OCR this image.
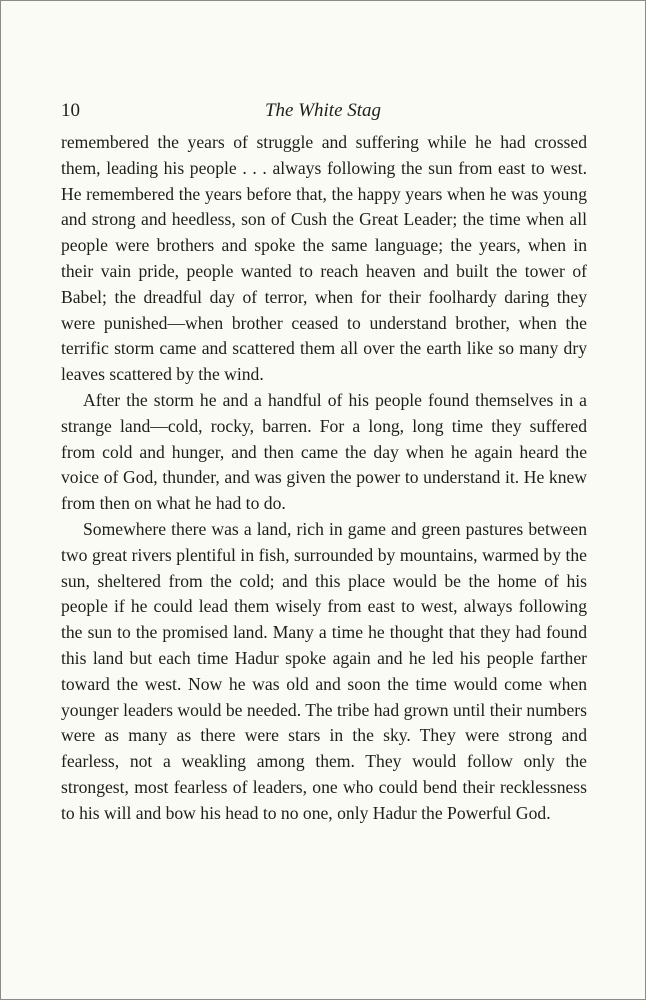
10	The White Stag

remembered the years of struggle and suffering while he had crossed them, leading his people . . . always following the sun from east to west. He remembered the years before that, the happy years when he was young and strong and heedless, son of Cush the Great Leader; the time when all people were brothers and spoke the same language; the years, when in their vain pride, people wanted to reach heaven and built the tower of Babel; the dreadful day of terror, when for their foolhardy daring they were punished—when brother ceased to understand brother, when the terrific storm came and scattered them all over the earth like so many dry leaves scattered by the wind.

After the storm he and a handful of his people found themselves in a strange land—cold, rocky, barren. For a long, long time they suffered from cold and hunger, and then came the day when he again heard the voice of God, thunder, and was given the power to understand it. He knew from then on what he had to do.

Somewhere there was a land, rich in game and green pastures between two great rivers plentiful in fish, surrounded by mountains, warmed by the sun, sheltered from the cold; and this place would be the home of his people if he could lead them wisely from east to west, always following the sun to the promised land. Many a time he thought that they had found this land but each time Hadur spoke again and he led his people farther toward the west. Now he was old and soon the time would come when younger leaders would be needed. The tribe had grown until their numbers were as many as there were stars in the sky. They were strong and fearless, not a weakling among them. They would follow only the strongest, most fearless of leaders, one who could bend their recklessness to his will and bow his head to no one, only Hadur the Powerful God.
